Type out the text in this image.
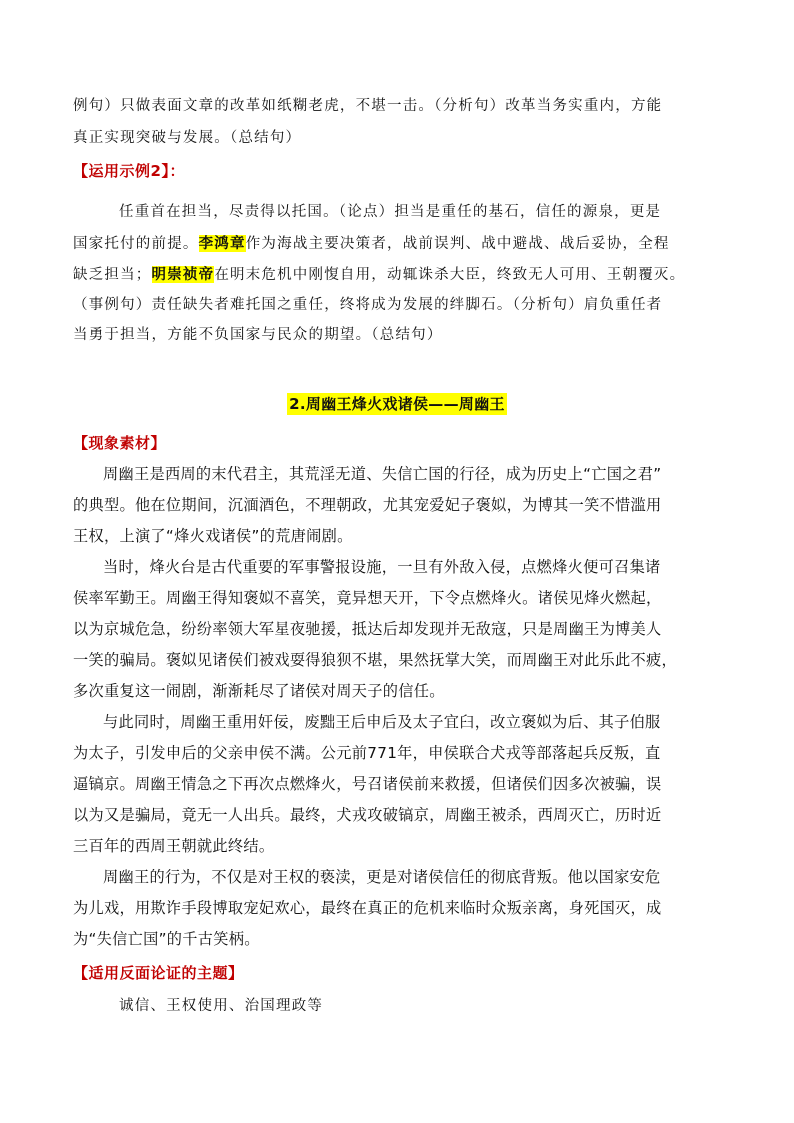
例句）只做表面文章的改革如纸糊老虎，不堪一击。（分析句）改革当务实重内，方能
真正实现突破与发展。（总结句）
【运用示例2】：
任重首在担当，尽责得以托国。（论点）担当是重任的基石，信任的源泉，更是
国家托付的前提。李鸿章作为海战主要决策者，战前误判、战中避战、战后妥协，全程
缺乏担当；明崇祯帝在明末危机中刚愎自用，动辄诛杀大臣，终致无人可用、王朝覆灭。
（事例句）责任缺失者难托国之重任，终将成为发展的绊脚石。（分析句）肩负重任者
当勇于担当，方能不负国家与民众的期望。（总结句）
2.周幽王烽火戏诸侯——周幽王
【现象素材】
周幽王是西周的末代君主，其荒淫无道、失信亡国的行径，成为历史上“亡国之君”
的典型。他在位期间，沉湎酒色，不理朝政，尤其宠爱妃子褒姒，为博其一笑不惜滥用
王权，上演了“烽火戏诸侯”的荒唐闹剧。
当时，烽火台是古代重要的军事警报设施，一旦有外敌入侵，点燃烽火便可召集诸
侯率军勤王。周幽王得知褒姒不喜笑，竟异想天开，下令点燃烽火。诸侯见烽火燃起，
以为京城危急，纷纷率领大军星夜驰援，抵达后却发现并无敌寇，只是周幽王为博美人
一笑的骗局。褒姒见诸侯们被戏耍得狼狈不堪，果然抚掌大笑，而周幽王对此乐此不疲，
多次重复这一闹剧，渐渐耗尽了诸侯对周天子的信任。
与此同时，周幽王重用奸佞，废黜王后申后及太子宜臼，改立褒姒为后、其子伯服
为太子，引发申后的父亲申侯不满。公元前771年，申侯联合犬戎等部落起兵反叛，直
逼镐京。周幽王情急之下再次点燃烽火，号召诸侯前来救援，但诸侯们因多次被骗，误
以为又是骗局，竟无一人出兵。最终，犬戎攻破镐京，周幽王被杀，西周灭亡，历时近
三百年的西周王朝就此终结。
周幽王的行为，不仅是对王权的亵渎，更是对诸侯信任的彻底背叛。他以国家安危
为儿戏，用欺诈手段博取宠妃欢心，最终在真正的危机来临时众叛亲离，身死国灭，成
为“失信亡国”的千古笑柄。
【适用反面论证的主题】
诚信、王权使用、治国理政等
